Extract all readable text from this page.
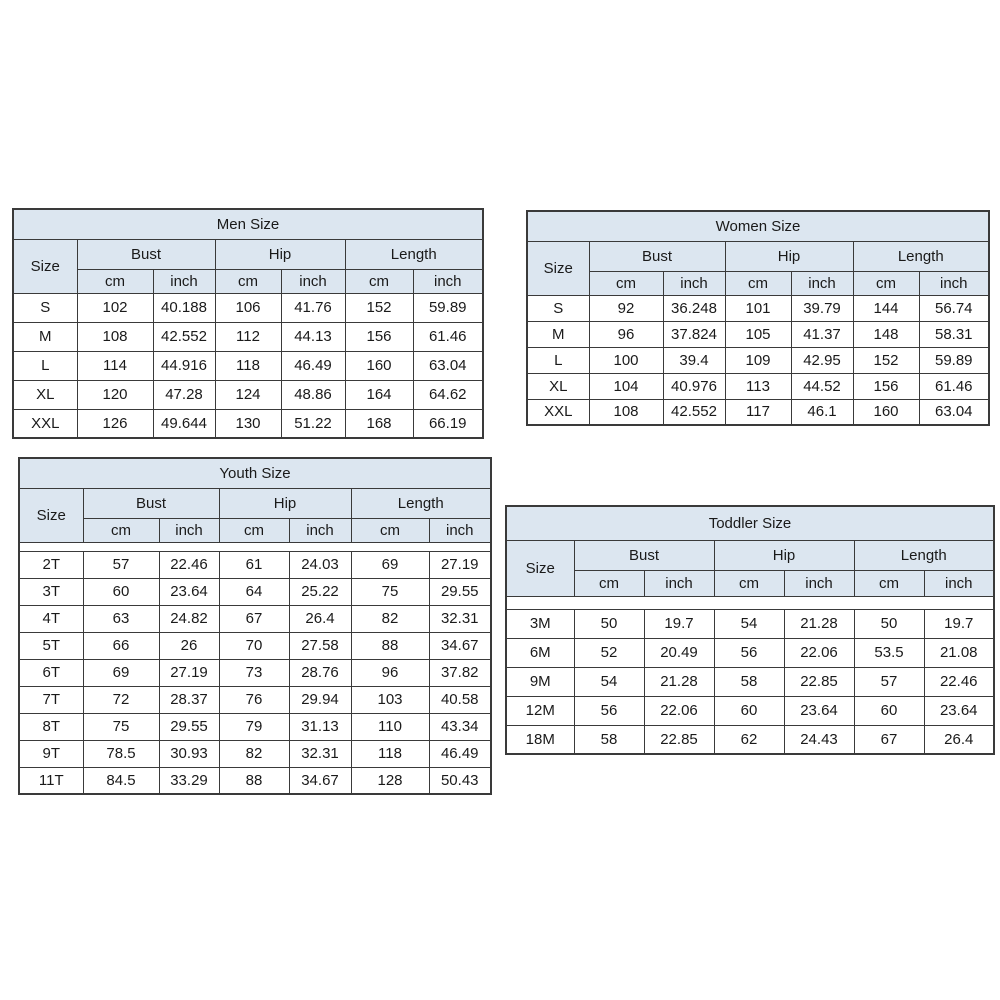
Men Size						
Size	Bust		Hip		Length	
	cm	inch	cm	inch	cm	inch
S	102	40.188	106	41.76	152	59.89
M	108	42.552	112	44.13	156	61.46
L	114	44.916	118	46.49	160	63.04
XL	120	47.28	124	48.86	164	64.62
XXL	126	49.644	130	51.22	168	66.19
Women Size						
Size	Bust		Hip		Length	
	cm	inch	cm	inch	cm	inch
S	92	36.248	101	39.79	144	56.74
M	96	37.824	105	41.37	148	58.31
L	100	39.4	109	42.95	152	59.89
XL	104	40.976	113	44.52	156	61.46
XXL	108	42.552	117	46.1	160	63.04
Youth Size						
Size	Bust		Hip		Length	
	cm	inch	cm	inch	cm	inch

2T	57	22.46	61	24.03	69	27.19
3T	60	23.64	64	25.22	75	29.55
4T	63	24.82	67	26.4	82	32.31
5T	66	26	70	27.58	88	34.67
6T	69	27.19	73	28.76	96	37.82
7T	72	28.37	76	29.94	103	40.58
8T	75	29.55	79	31.13	110	43.34
9T	78.5	30.93	82	32.31	118	46.49
11T	84.5	33.29	88	34.67	128	50.43
Toddler Size						
Size	Bust		Hip		Length	
	cm	inch	cm	inch	cm	inch

3M	50	19.7	54	21.28	50	19.7
6M	52	20.49	56	22.06	53.5	21.08
9M	54	21.28	58	22.85	57	22.46
12M	56	22.06	60	23.64	60	23.64
18M	58	22.85	62	24.43	67	26.4
